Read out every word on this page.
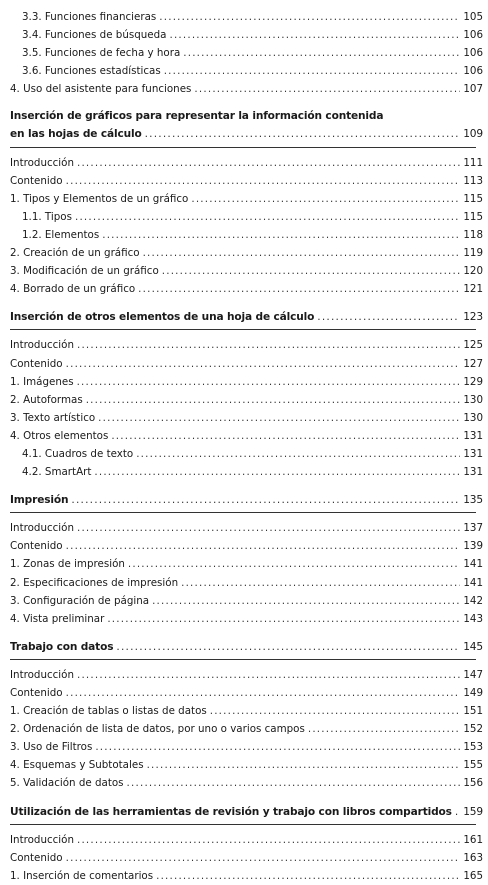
3.3. Funciones financieras .....	105
3.4. Funciones de búsqueda .....	106
3.5. Funciones de fecha y hora .....	106
3.6. Funciones estadísticas .....	106
4. Uso del asistente para funciones .....	107
Inserción de gráficos para representar la información contenida
en las hojas de cálculo .....	109
Introducción .....	111
Contenido .....	113
1. Tipos y Elementos de un gráfico .....	115
1.1. Tipos .....	115
1.2. Elementos .....	118
2. Creación de un gráfico .....	119
3. Modificación de un gráfico .....	120
4. Borrado de un gráfico .....	121
Inserción de otros elementos de una hoja de cálculo .....	123
Introducción .....	125
Contenido .....	127
1. Imágenes .....	129
2. Autoformas .....	130
3. Texto artístico .....	130
4. Otros elementos .....	131
4.1. Cuadros de texto .....	131
4.2. SmartArt .....	131
Impresión .....	135
Introducción .....	137
Contenido .....	139
1. Zonas de impresión .....	141
2. Especificaciones de impresión .....	141
3. Configuración de página .....	142
4. Vista preliminar .....	143
Trabajo con datos .....	145
Introducción .....	147
Contenido .....	149
1. Creación de tablas o listas de datos .....	151
2. Ordenación de lista de datos, por uno o varios campos .....	152
3. Uso de Filtros .....	153
4. Esquemas y Subtotales .....	155
5. Validación de datos .....	156
Utilización de las herramientas de revisión y trabajo con libros compartidos ..... 159
Introducción .....	161
Contenido .....	163
1. Inserción de comentarios .....	165
